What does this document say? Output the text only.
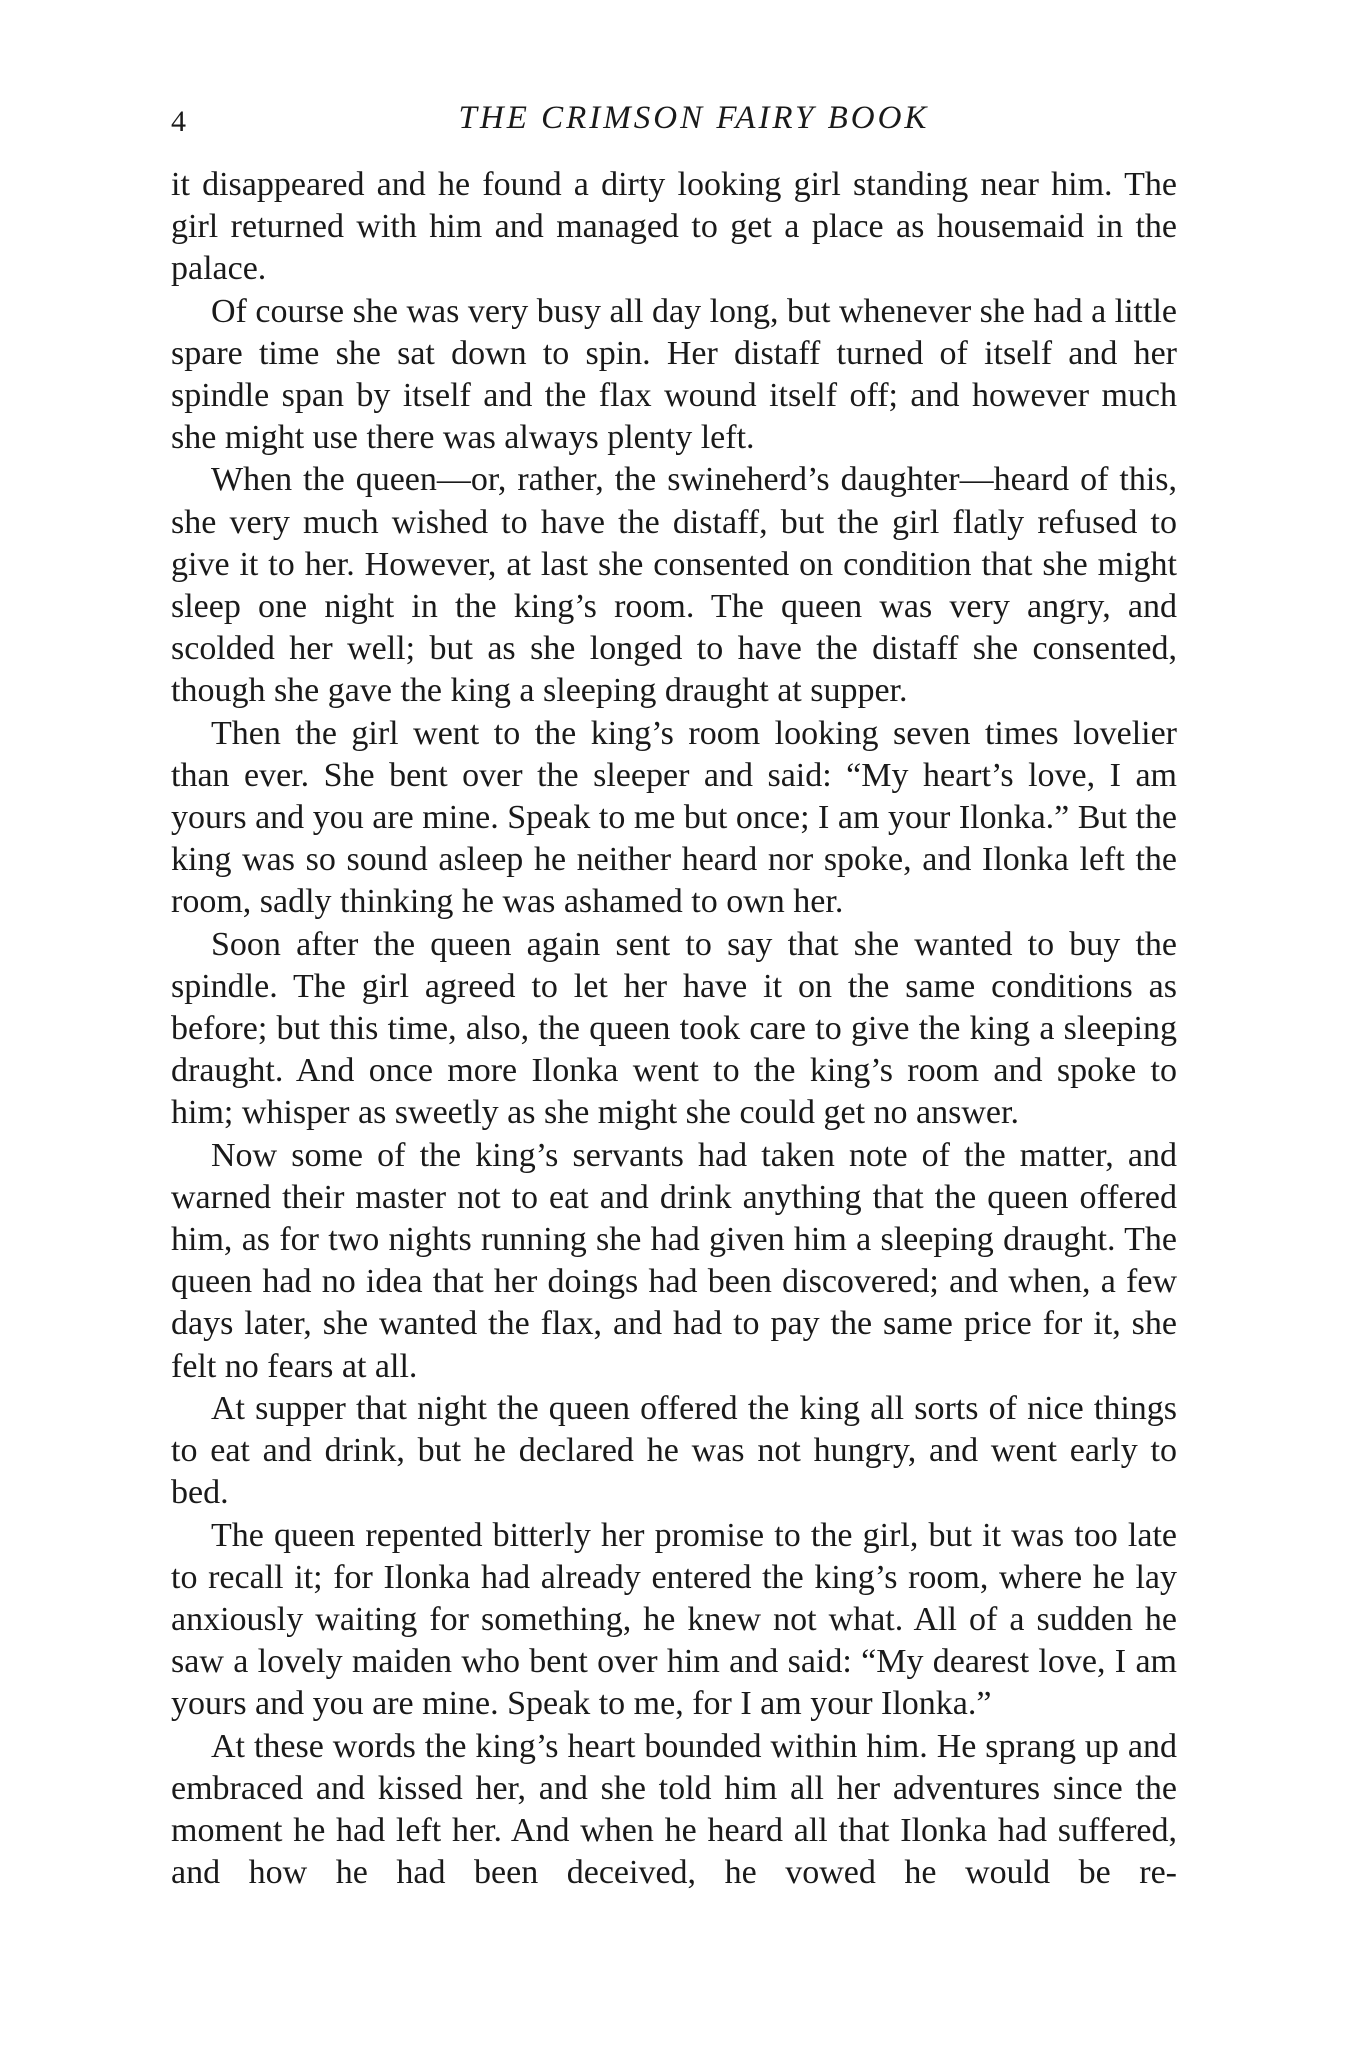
4	THE CRIMSON FAIRY BOOK

it disappeared and he found a dirty looking girl standing near him. The girl returned with him and managed to get a place as housemaid in the palace.

Of course she was very busy all day long, but whenever she had a little spare time she sat down to spin. Her distaff turned of itself and her spindle span by itself and the flax wound itself off; and however much she might use there was always plenty left.

When the queen—or, rather, the swineherd’s daughter—heard of this, she very much wished to have the distaff, but the girl flatly refused to give it to her. However, at last she consented on condition that she might sleep one night in the king’s room. The queen was very angry, and scolded her well; but as she longed to have the distaff she consented, though she gave the king a sleeping draught at supper.

Then the girl went to the king’s room looking seven times lovelier than ever. She bent over the sleeper and said: “My heart’s love, I am yours and you are mine. Speak to me but once; I am your Ilonka.” But the king was so sound asleep he neither heard nor spoke, and Ilonka left the room, sadly thinking he was ashamed to own her.

Soon after the queen again sent to say that she wanted to buy the spindle. The girl agreed to let her have it on the same conditions as before; but this time, also, the queen took care to give the king a sleeping draught. And once more Ilonka went to the king’s room and spoke to him; whisper as sweetly as she might she could get no answer.

Now some of the king’s servants had taken note of the matter, and warned their master not to eat and drink anything that the queen offered him, as for two nights running she had given him a sleeping draught. The queen had no idea that her doings had been discovered; and when, a few days later, she wanted the flax, and had to pay the same price for it, she felt no fears at all.

At supper that night the queen offered the king all sorts of nice things to eat and drink, but he declared he was not hungry, and went early to bed.

The queen repented bitterly her promise to the girl, but it was too late to recall it; for Ilonka had already entered the king’s room, where he lay anxiously waiting for something, he knew not what. All of a sudden he saw a lovely maiden who bent over him and said: “My dearest love, I am yours and you are mine. Speak to me, for I am your Ilonka.”

At these words the king’s heart bounded within him. He sprang up and embraced and kissed her, and she told him all her adventures since the moment he had left her. And when he heard all that Ilonka had suffered, and how he had been deceived, he vowed he would be re-
